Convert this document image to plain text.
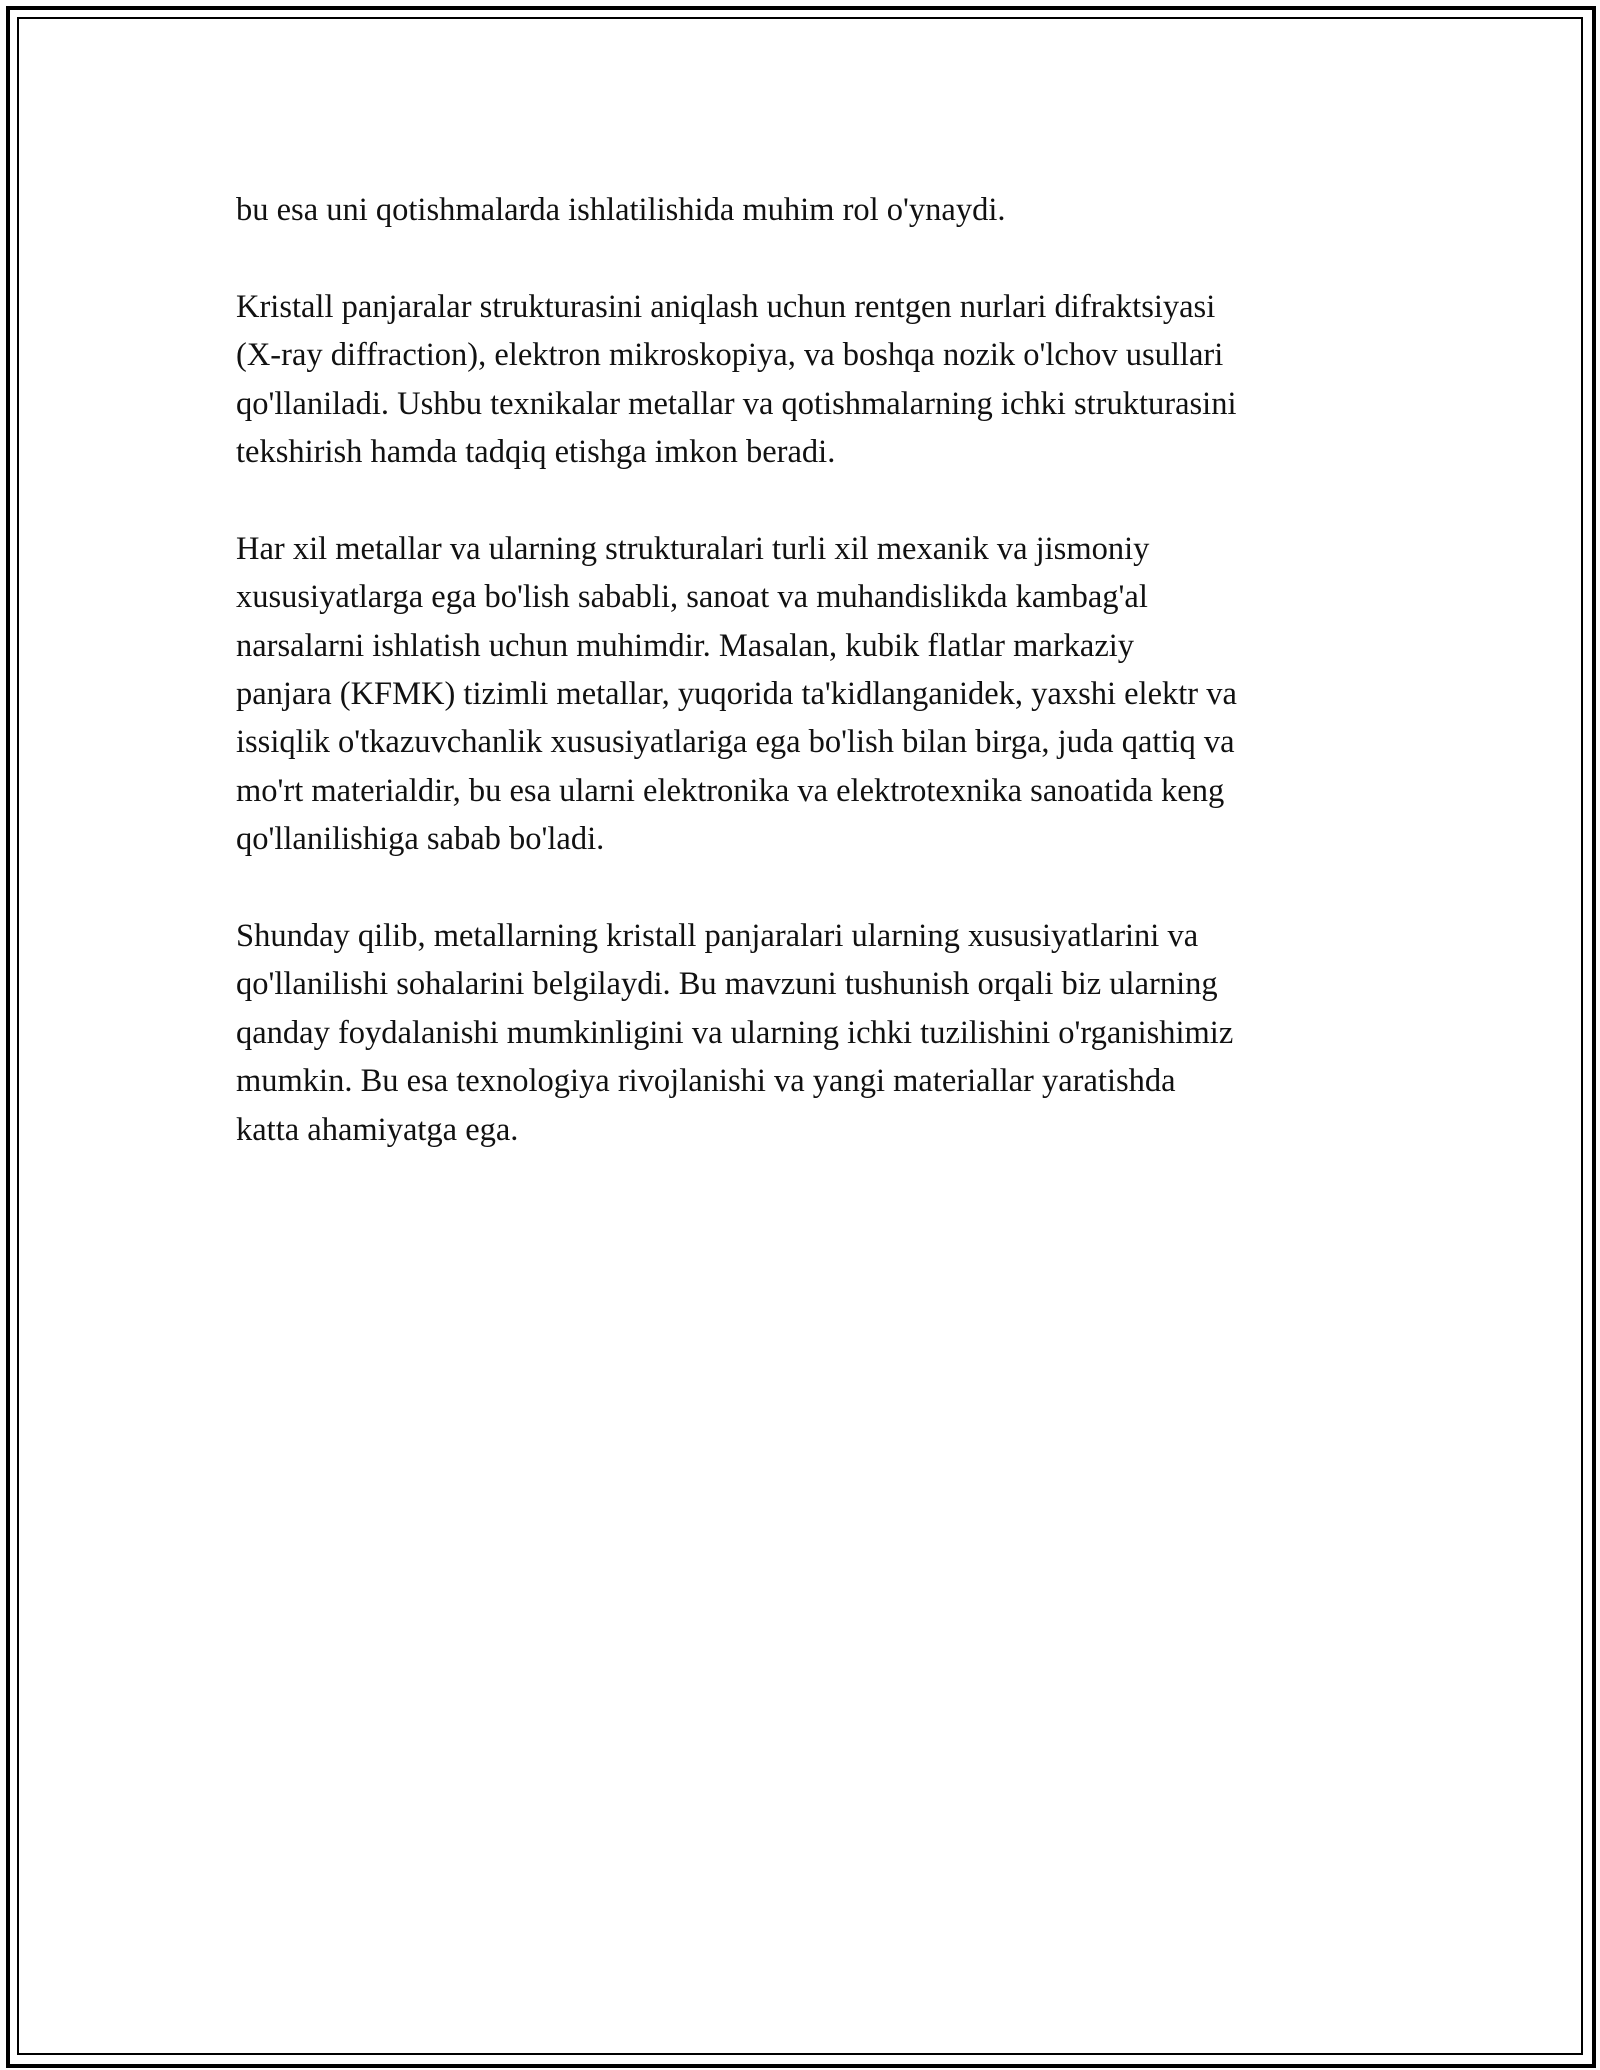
bu esa uni qotishmalarda ishlatilishida muhim rol o'ynaydi.

Kristall panjaralar strukturasini aniqlash uchun rentgen nurlari difraktsiyasi
(X-ray diffraction), elektron mikroskopiya, va boshqa nozik o'lchov usullari
qo'llaniladi. Ushbu texnikalar metallar va qotishmalarning ichki strukturasini
tekshirish hamda tadqiq etishga imkon beradi.

Har xil metallar va ularning strukturalari turli xil mexanik va jismoniy
xususiyatlarga ega bo'lish sababli, sanoat va muhandislikda kambag'al
narsalarni ishlatish uchun muhimdir. Masalan, kubik flatlar markaziy
panjara (KFMK) tizimli metallar, yuqorida ta'kidlanganidek, yaxshi elektr va
issiqlik o'tkazuvchanlik xususiyatlariga ega bo'lish bilan birga, juda qattiq va
mo'rt materialdir, bu esa ularni elektronika va elektrotexnika sanoatida keng
qo'llanilishiga sabab bo'ladi.

Shunday qilib, metallarning kristall panjaralari ularning xususiyatlarini va
qo'llanilishi sohalarini belgilaydi. Bu mavzuni tushunish orqali biz ularning
qanday foydalanishi mumkinligini va ularning ichki tuzilishini o'rganishimiz
mumkin. Bu esa texnologiya rivojlanishi va yangi materiallar yaratishda
katta ahamiyatga ega.
